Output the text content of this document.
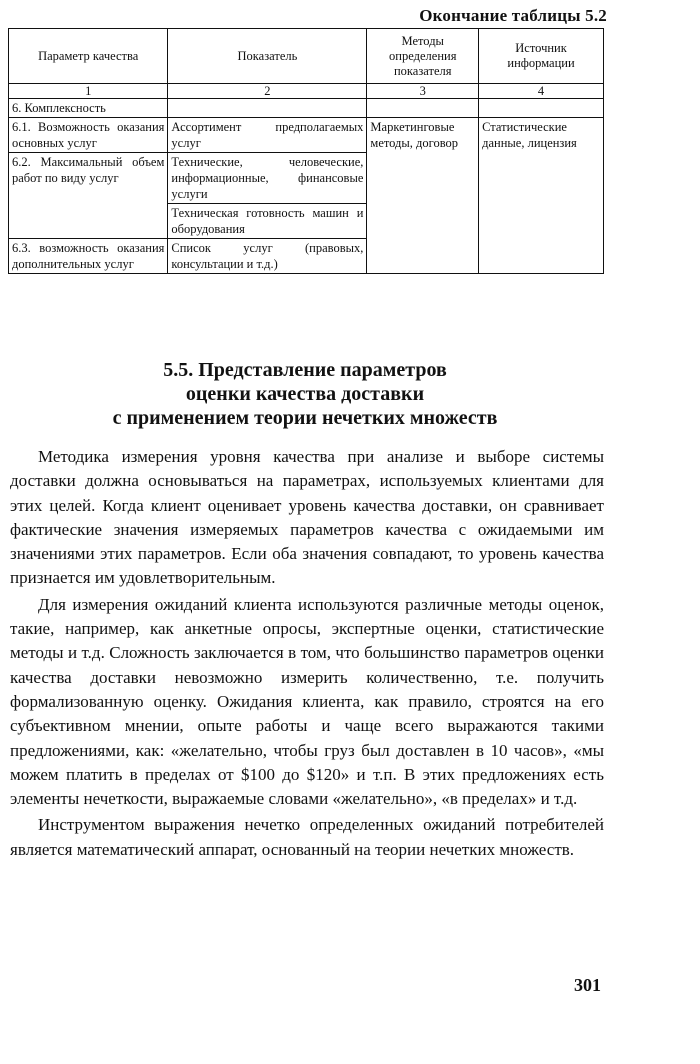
Окончание таблицы 5.2
Параметр качества	Показатель	Методы определения показателя	Источник информации
1	2	3	4
6. Комплексность			
6.1. Возможность оказания основных услуг	Ассортимент предполагаемых услуг	Маркетинговые методы, договор	Статистические данные, лицензия
6.2. Максимальный объем работ по виду услуг	Технические, человеческие, информационные, финансовые услуги		
	Техническая готовность машин и оборудования		
6.3. возможность оказания дополнительных услуг	Список услуг (правовых, консультации и т.д.)		
5.5. Представление параметров
оценки качества доставки
с применением теории нечетких множеств

Методика измерения уровня качества при анализе и выборе системы доставки должна основываться на параметрах, используемых клиентами для этих целей. Когда клиент оценивает уровень качества доставки, он сравнивает фактические значения измеряемых параметров качества с ожидаемыми им значениями этих параметров. Если оба значения совпадают, то уровень качества признается им удовлетворительным.

Для измерения ожиданий клиента используются различные методы оценок, такие, например, как анкетные опросы, экспертные оценки, статистические методы и т.д. Сложность заключается в том, что большинство параметров оценки качества доставки невозможно измерить количественно, т.е. получить формализованную оценку. Ожидания клиента, как правило, строятся на его субъективном мнении, опыте работы и чаще всего выражаются такими предложениями, как: «желательно, чтобы груз был доставлен в 10 часов», «мы можем платить в пределах от $100 до $120» и т.п. В этих предложениях есть элементы нечеткости, выражаемые словами «желательно», «в пределах» и т.д.

Инструментом выражения нечетко определенных ожиданий потребителей является математический аппарат, основанный на теории нечетких множеств.

301
